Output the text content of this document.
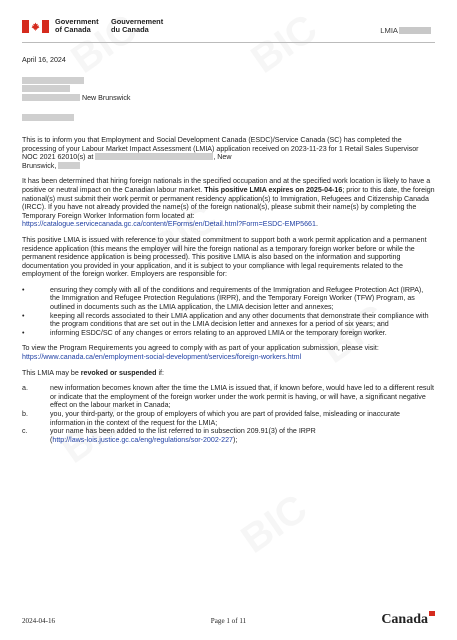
Government
of Canada
Gouvernement
du Canada	LMIA

April 16, 2024

New Brunswick

This is to inform you that Employment and Social Development Canada (ESDC)/Service Canada (SC) has completed the processing of your Labour Market Impact Assessment (LMIA) application received on 2023-11-23 for 1 Retail Sales Supervisor NOC 2021 62010(s) at	, New
Brunswick,

It has been determined that hiring foreign nationals in the specified occupation and at the specified work location is likely to have a positive or neutral impact on the Canadian labour market. This positive LMIA expires on 2025-04-16; prior to this date, the foreign national(s) must submit their work permit or permanent residency application(s) to Immigration, Refugees and Citizenship Canada (IRCC). If you have not already provided the name(s) of the foreign national(s), please submit their name(s) by completing the Temporary Foreign Worker Information form located at:
https://catalogue.servicecanada.gc.ca/content/EForms/en/Detail.html?Form=ESDC-EMP5661.

This positive LMIA is issued with reference to your stated commitment to support both a work permit application and a permanent residence application (this means the employer will hire the foreign national as a temporary foreign worker before or while the permanent residence application is being processed). This positive LMIA is also based on the information and supporting documentation you provided in your application, and it is subject to your compliance with legal requirements related to the employment of the foreign worker. Employers are responsible for:

•	ensuring they comply with all of the conditions and requirements of the Immigration and Refugee Protection Act (IRPA), the Immigration and Refugee Protection Regulations (IRPR), and the Temporary Foreign Worker (TFW) Program, as outlined in documents such as the LMIA application, the LMIA decision letter and annexes;
•	keeping all records associated to their LMIA application and any other documents that demonstrate their compliance with the program conditions that are set out in the LMIA decision letter and annexes for a period of six years; and
•	informing ESDC/SC of any changes or errors relating to an approved LMIA or the temporary foreign worker.

To view the Program Requirements you agreed to comply with as part of your application submission, please visit: https://www.canada.ca/en/employment-social-development/services/foreign-workers.html

This LMIA may be revoked or suspended if:

a.	new information becomes known after the time the LMIA is issued that, if known before, would have led to a different result or indicate that the employment of the foreign worker under the work permit is having, or will have, a significant negative effect on the labour market in Canada;
b.	you, your third-party, or the group of employers of which you are part of provided false, misleading or inaccurate information in the context of the request for the LMIA;
c.	your name has been added to the list referred to in subsection 209.91(3) of the IRPR
(http://laws-lois.justice.gc.ca/eng/regulations/sor-2002-227);
2024-04-16	Page 1 of 11	Canada
